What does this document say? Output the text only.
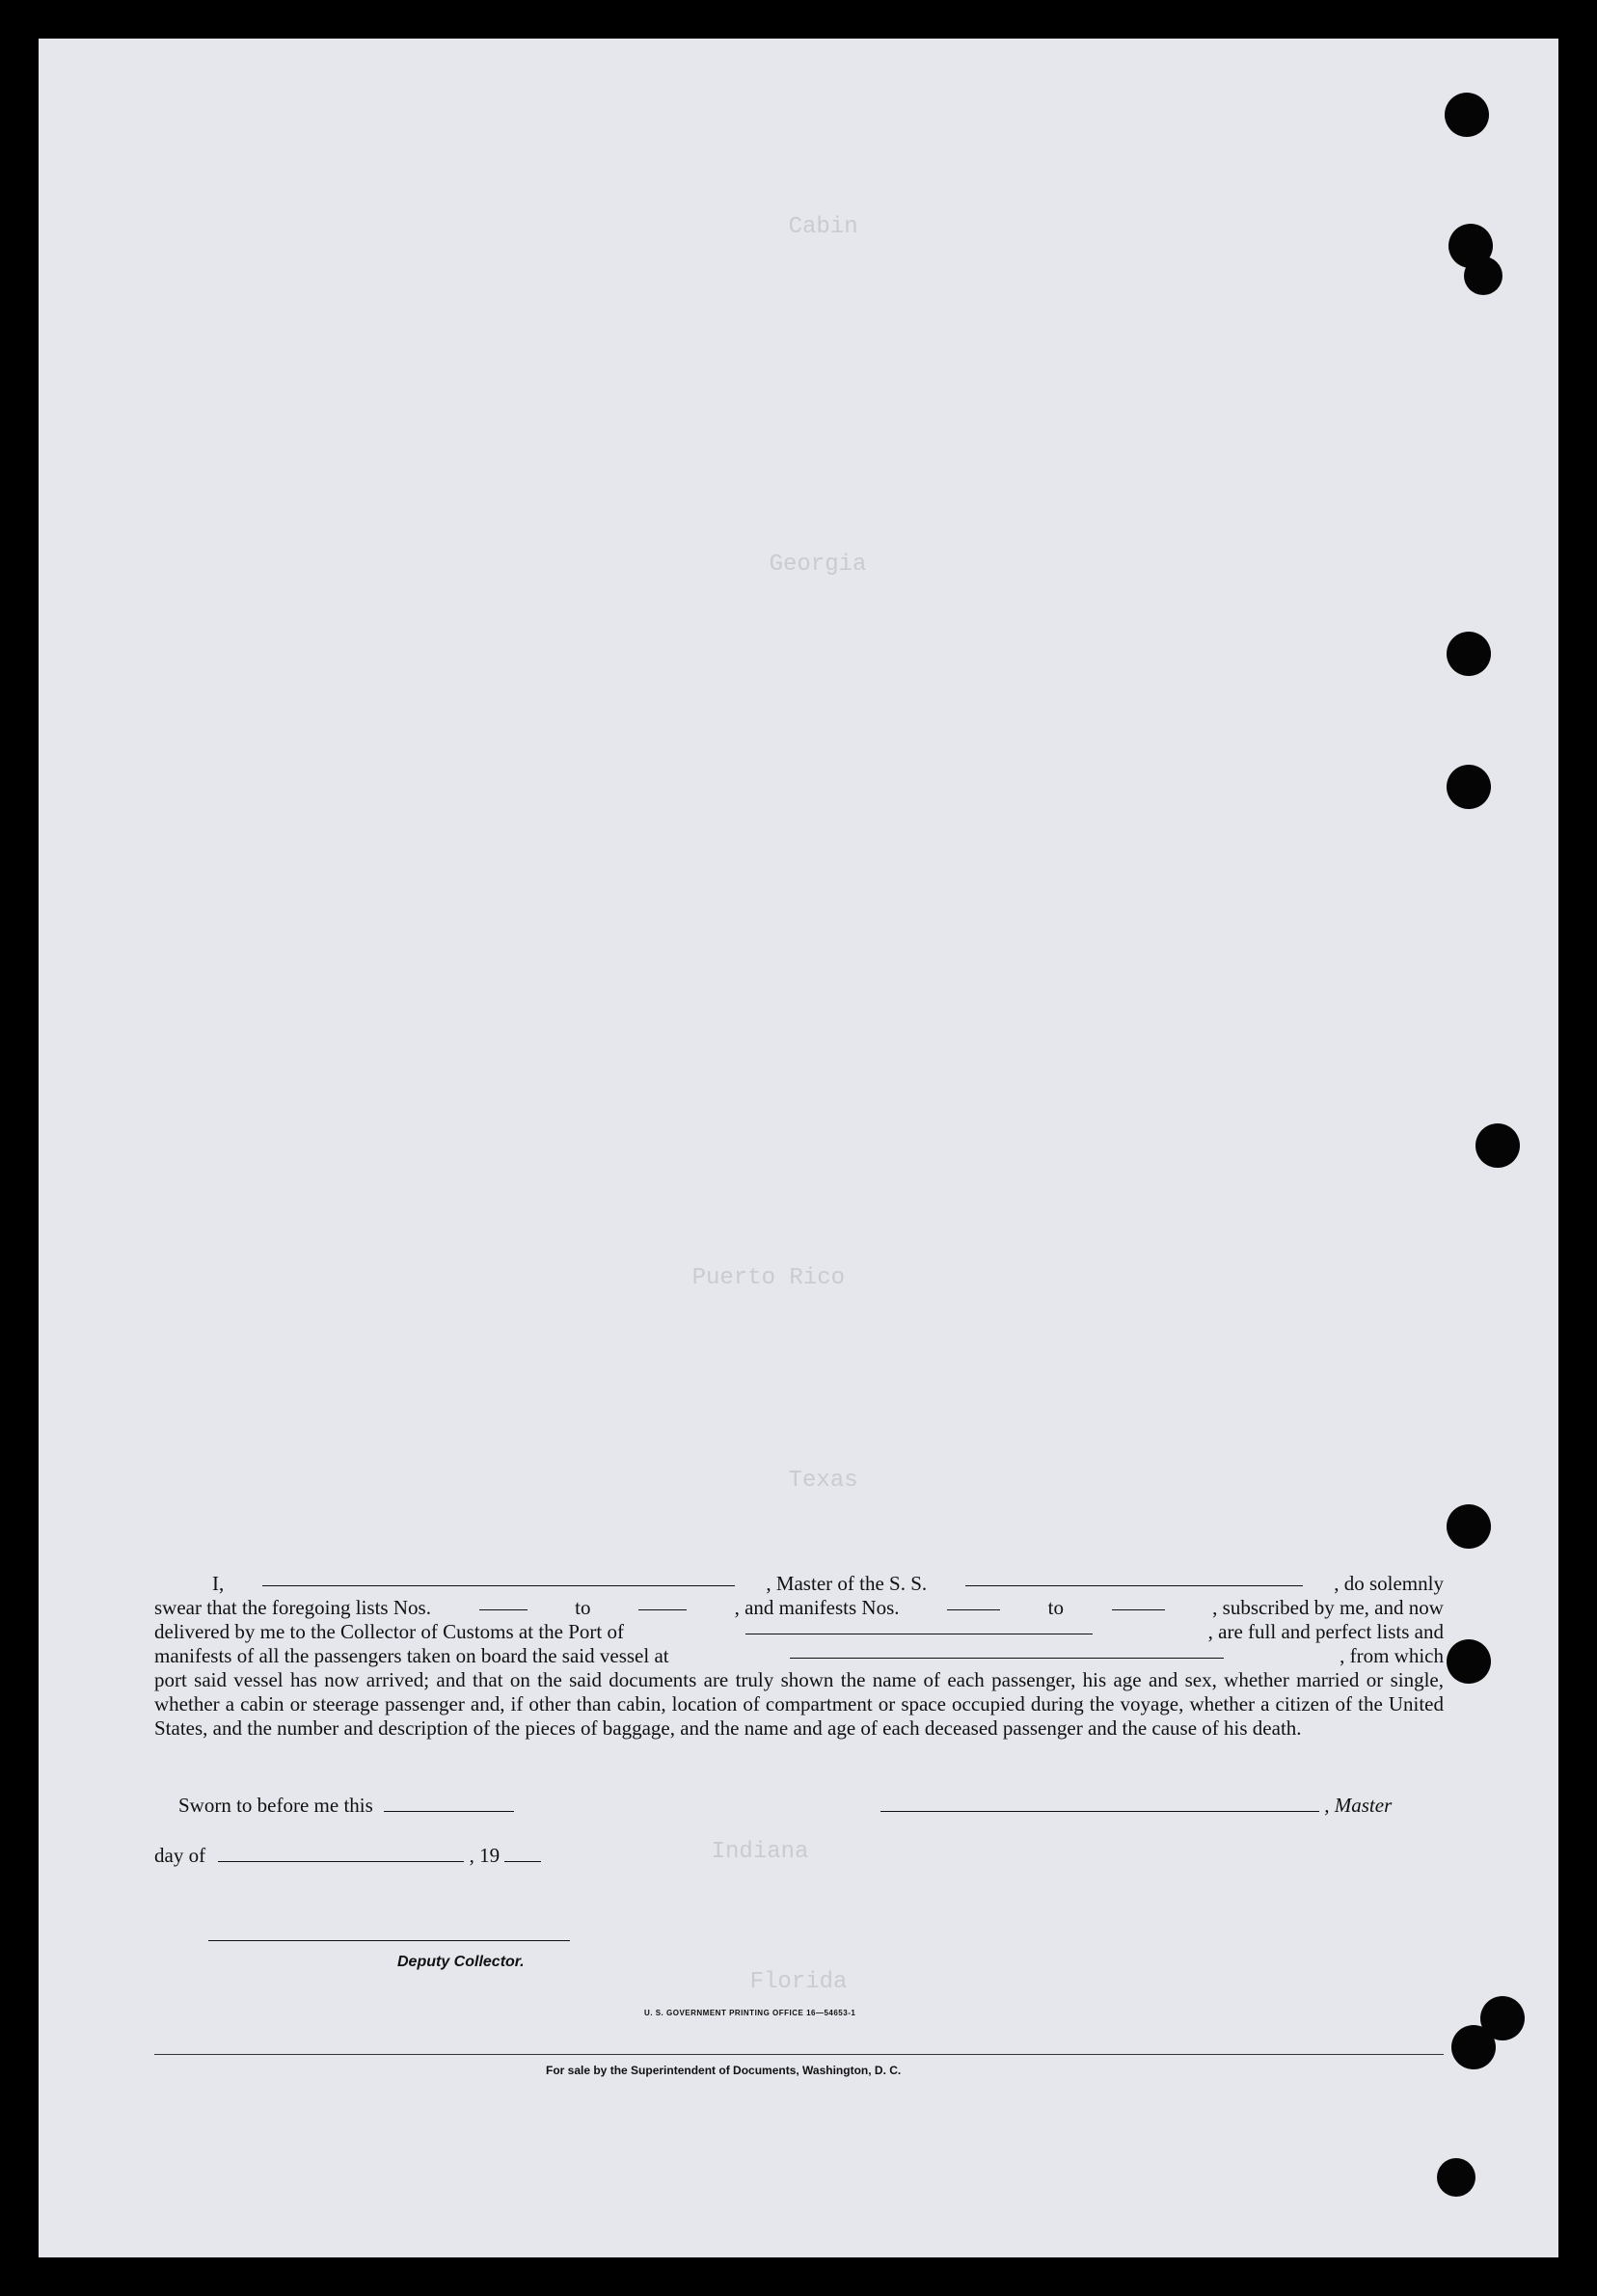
Cabin

Georgia

Puerto Rico

Texas

Indiana

Florida

I,	, Master of the S. S.	, do solemnly
swear that the foregoing lists Nos.	to	, and manifests Nos.	to	, subscribed by me, and now
delivered by me to the Collector of Customs at the Port of	, are full and perfect lists and
manifests of all the passengers taken on board the said vessel at	, from which
port said vessel has now arrived; and that on the said documents are truly shown the name of each passenger, his age and sex, whether married or single, whether a cabin or steerage passenger and, if other than cabin, location of compartment or space occupied during the voyage, whether a citizen of the United States, and the number and description of the pieces of baggage, and the name and age of each deceased passenger and the cause of his death.
Sworn to before me this	, Master
day of	, 19
Deputy Collector.
U. S. GOVERNMENT PRINTING OFFICE 16—54653-1
For sale by the Superintendent of Documents, Washington, D. C.
